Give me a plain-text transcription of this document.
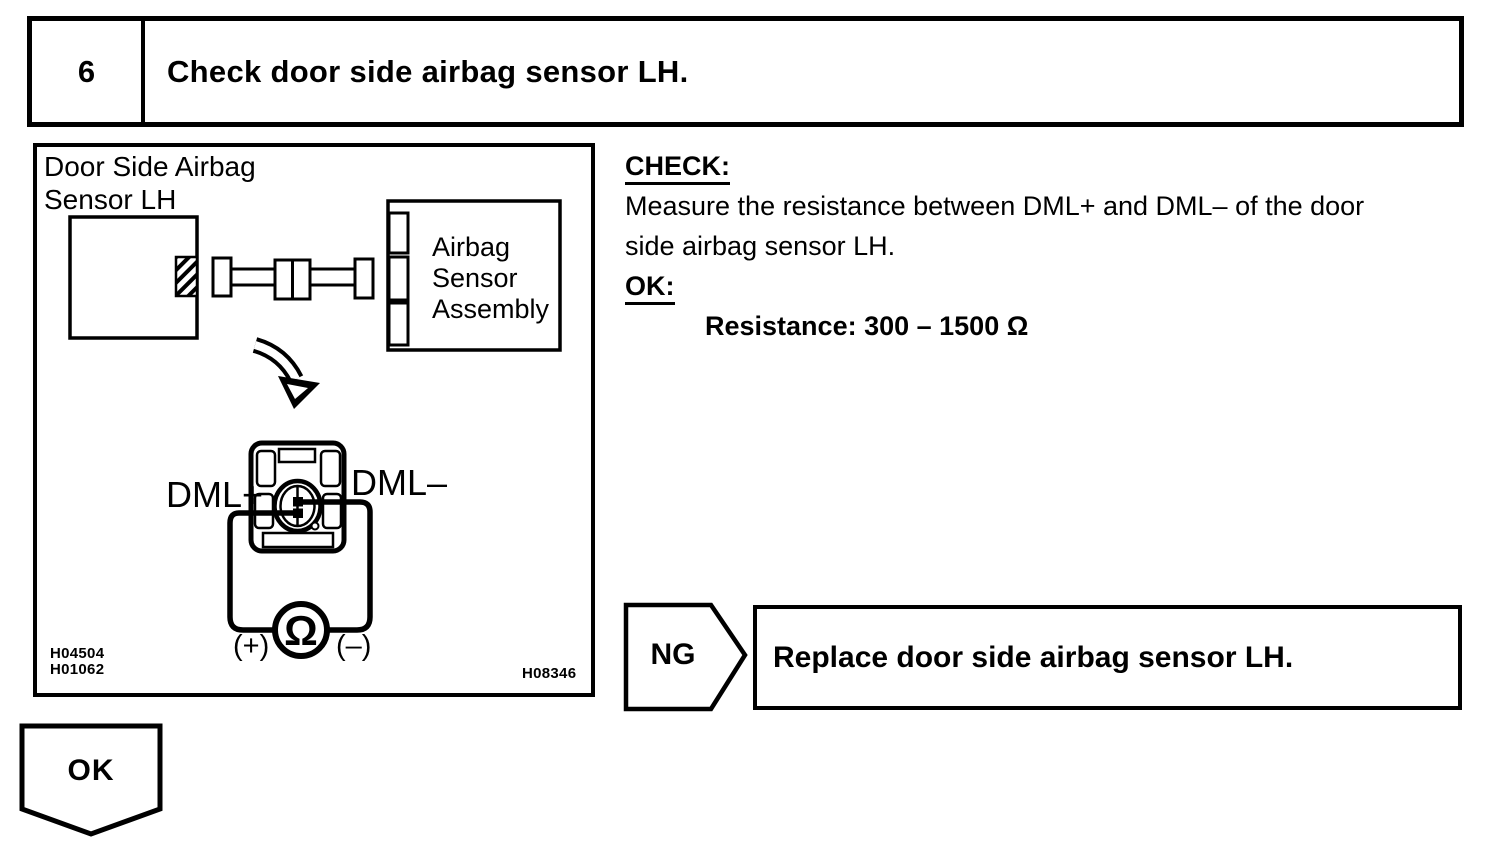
6 Check door side airbag sensor LH.
Door Side Airbag
Sensor LH
Airbag
Sensor
Assembly
DML+ DML–
(+) (–)
Ω
H04504
H01062	H08346
CHECK:
Measure the resistance between DML+ and DML– of the door
side airbag sensor LH.
OK:
Resistance: 300 – 1500 Ω
NG	Replace door side airbag sensor LH.
OK
